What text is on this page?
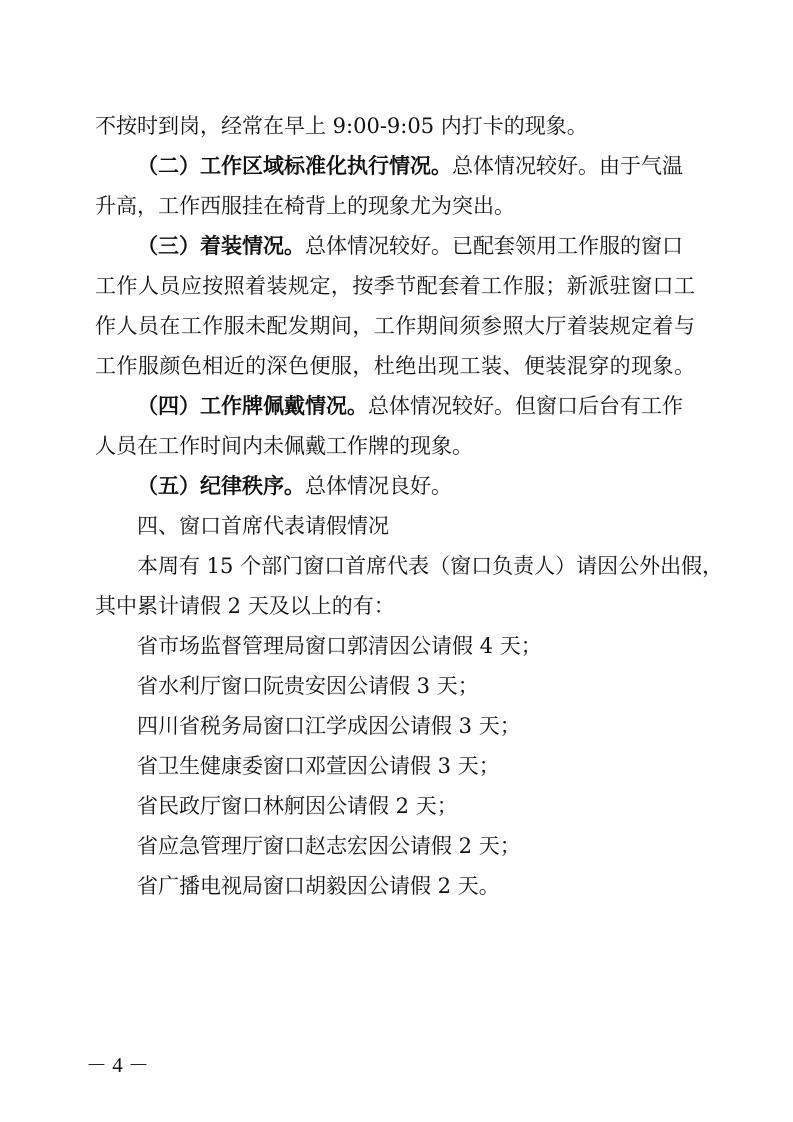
不按时到岗，经常在早上 9:00-9:05 内打卡的现象。
（二）工作区域标准化执行情况。总体情况较好。由于气温
升高，工作西服挂在椅背上的现象尤为突出。
（三）着装情况。总体情况较好。已配套领用工作服的窗口
工作人员应按照着装规定，按季节配套着工作服；新派驻窗口工
作人员在工作服未配发期间，工作期间须参照大厅着装规定着与
工作服颜色相近的深色便服，杜绝出现工装、便装混穿的现象。
（四）工作牌佩戴情况。总体情况较好。但窗口后台有工作
人员在工作时间内未佩戴工作牌的现象。
（五）纪律秩序。总体情况良好。
四、窗口首席代表请假情况
本周有 15 个部门窗口首席代表（窗口负责人）请因公外出假，
其中累计请假 2 天及以上的有：
省市场监督管理局窗口郭清因公请假 4 天；
省水利厅窗口阮贵安因公请假 3 天；
四川省税务局窗口江学成因公请假 3 天；
省卫生健康委窗口邓萱因公请假 3 天；
省民政厅窗口林舸因公请假 2 天；
省应急管理厅窗口赵志宏因公请假 2 天；
省广播电视局窗口胡毅因公请假 2 天。
－ 4 －
